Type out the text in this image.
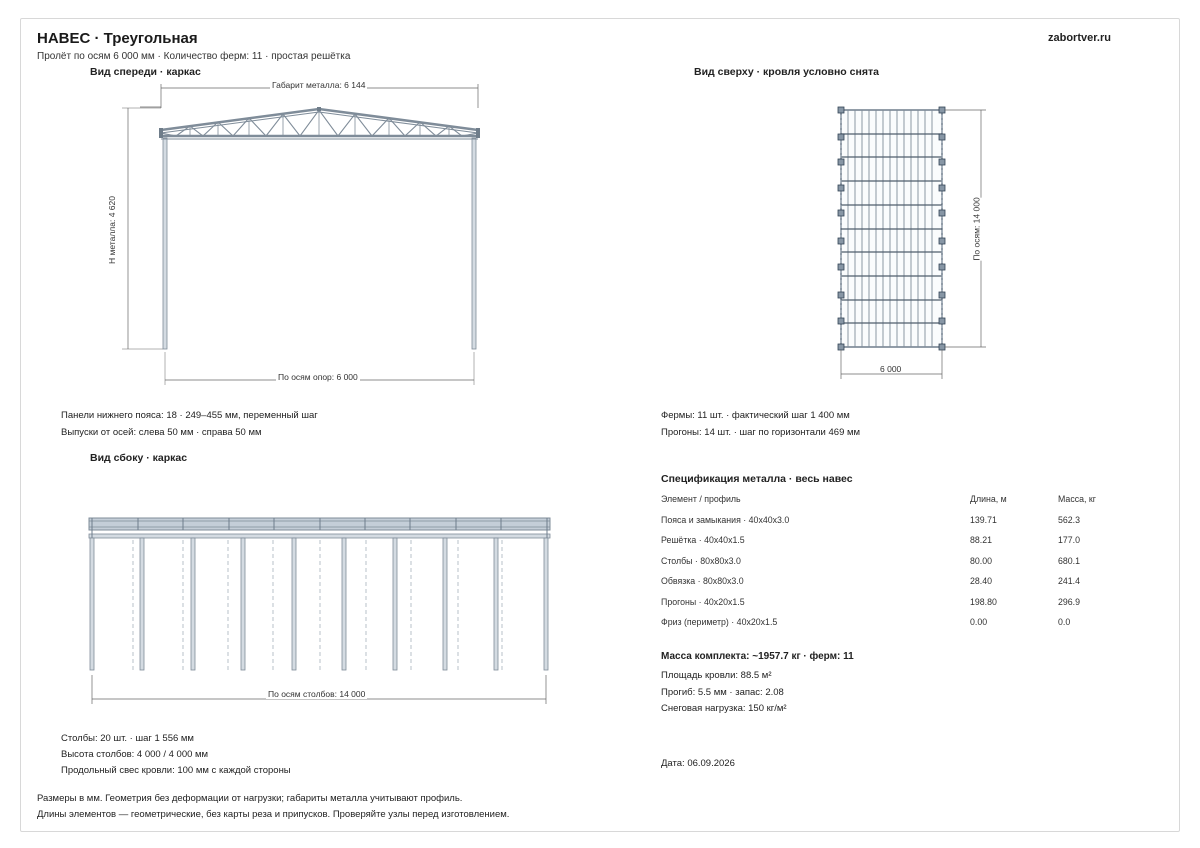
НАВЕС · Треугольная
Пролёт по осям 6 000 мм · Количество ферм: 11 · простая решётка
zabortver.ru
Вид спереди · каркас	Вид сверху · кровля условно снята
Вид сбоку · каркас
Габарит металла: 6 144
H металла: 4 620
По осям опор: 6 000
По осям: 14 000
6 000
По осям столбов: 14 000
Панели нижнего пояса: 18 · 249–455 мм, переменный шаг
Выпуски от осей: слева 50 мм · справа 50 мм
Фермы: 11 шт. · фактический шаг 1 400 мм
Прогоны: 14 шт. · шаг по горизонтали 469 мм
Столбы: 20 шт. · шаг 1 556 мм
Высота столбов: 4 000 / 4 000 мм
Продольный свес кровли: 100 мм с каждой стороны
Спецификация металла · весь навес
Элемент / профиль	Длина, м	Масса, кг
Пояса и замыкания · 40х40х3.0	139.71	562.3
Решётка · 40х40х1.5	88.21	177.0
Столбы · 80х80х3.0	80.00	680.1
Обвязка · 80х80х3.0	28.40	241.4
Прогоны · 40х20х1.5	198.80	296.9
Фриз (периметр) · 40х20х1.5	0.00	0.0
Масса комплекта: ~1957.7 кг · ферм: 11
Площадь кровли: 88.5 м²
Прогиб: 5.5 мм · запас: 2.08
Снеговая нагрузка: 150 кг/м²
Дата: 06.09.2026
Размеры в мм. Геометрия без деформации от нагрузки; габариты металла учитывают профиль.
Длины элементов — геометрические, без карты реза и припусков. Проверяйте узлы перед изготовлением.
